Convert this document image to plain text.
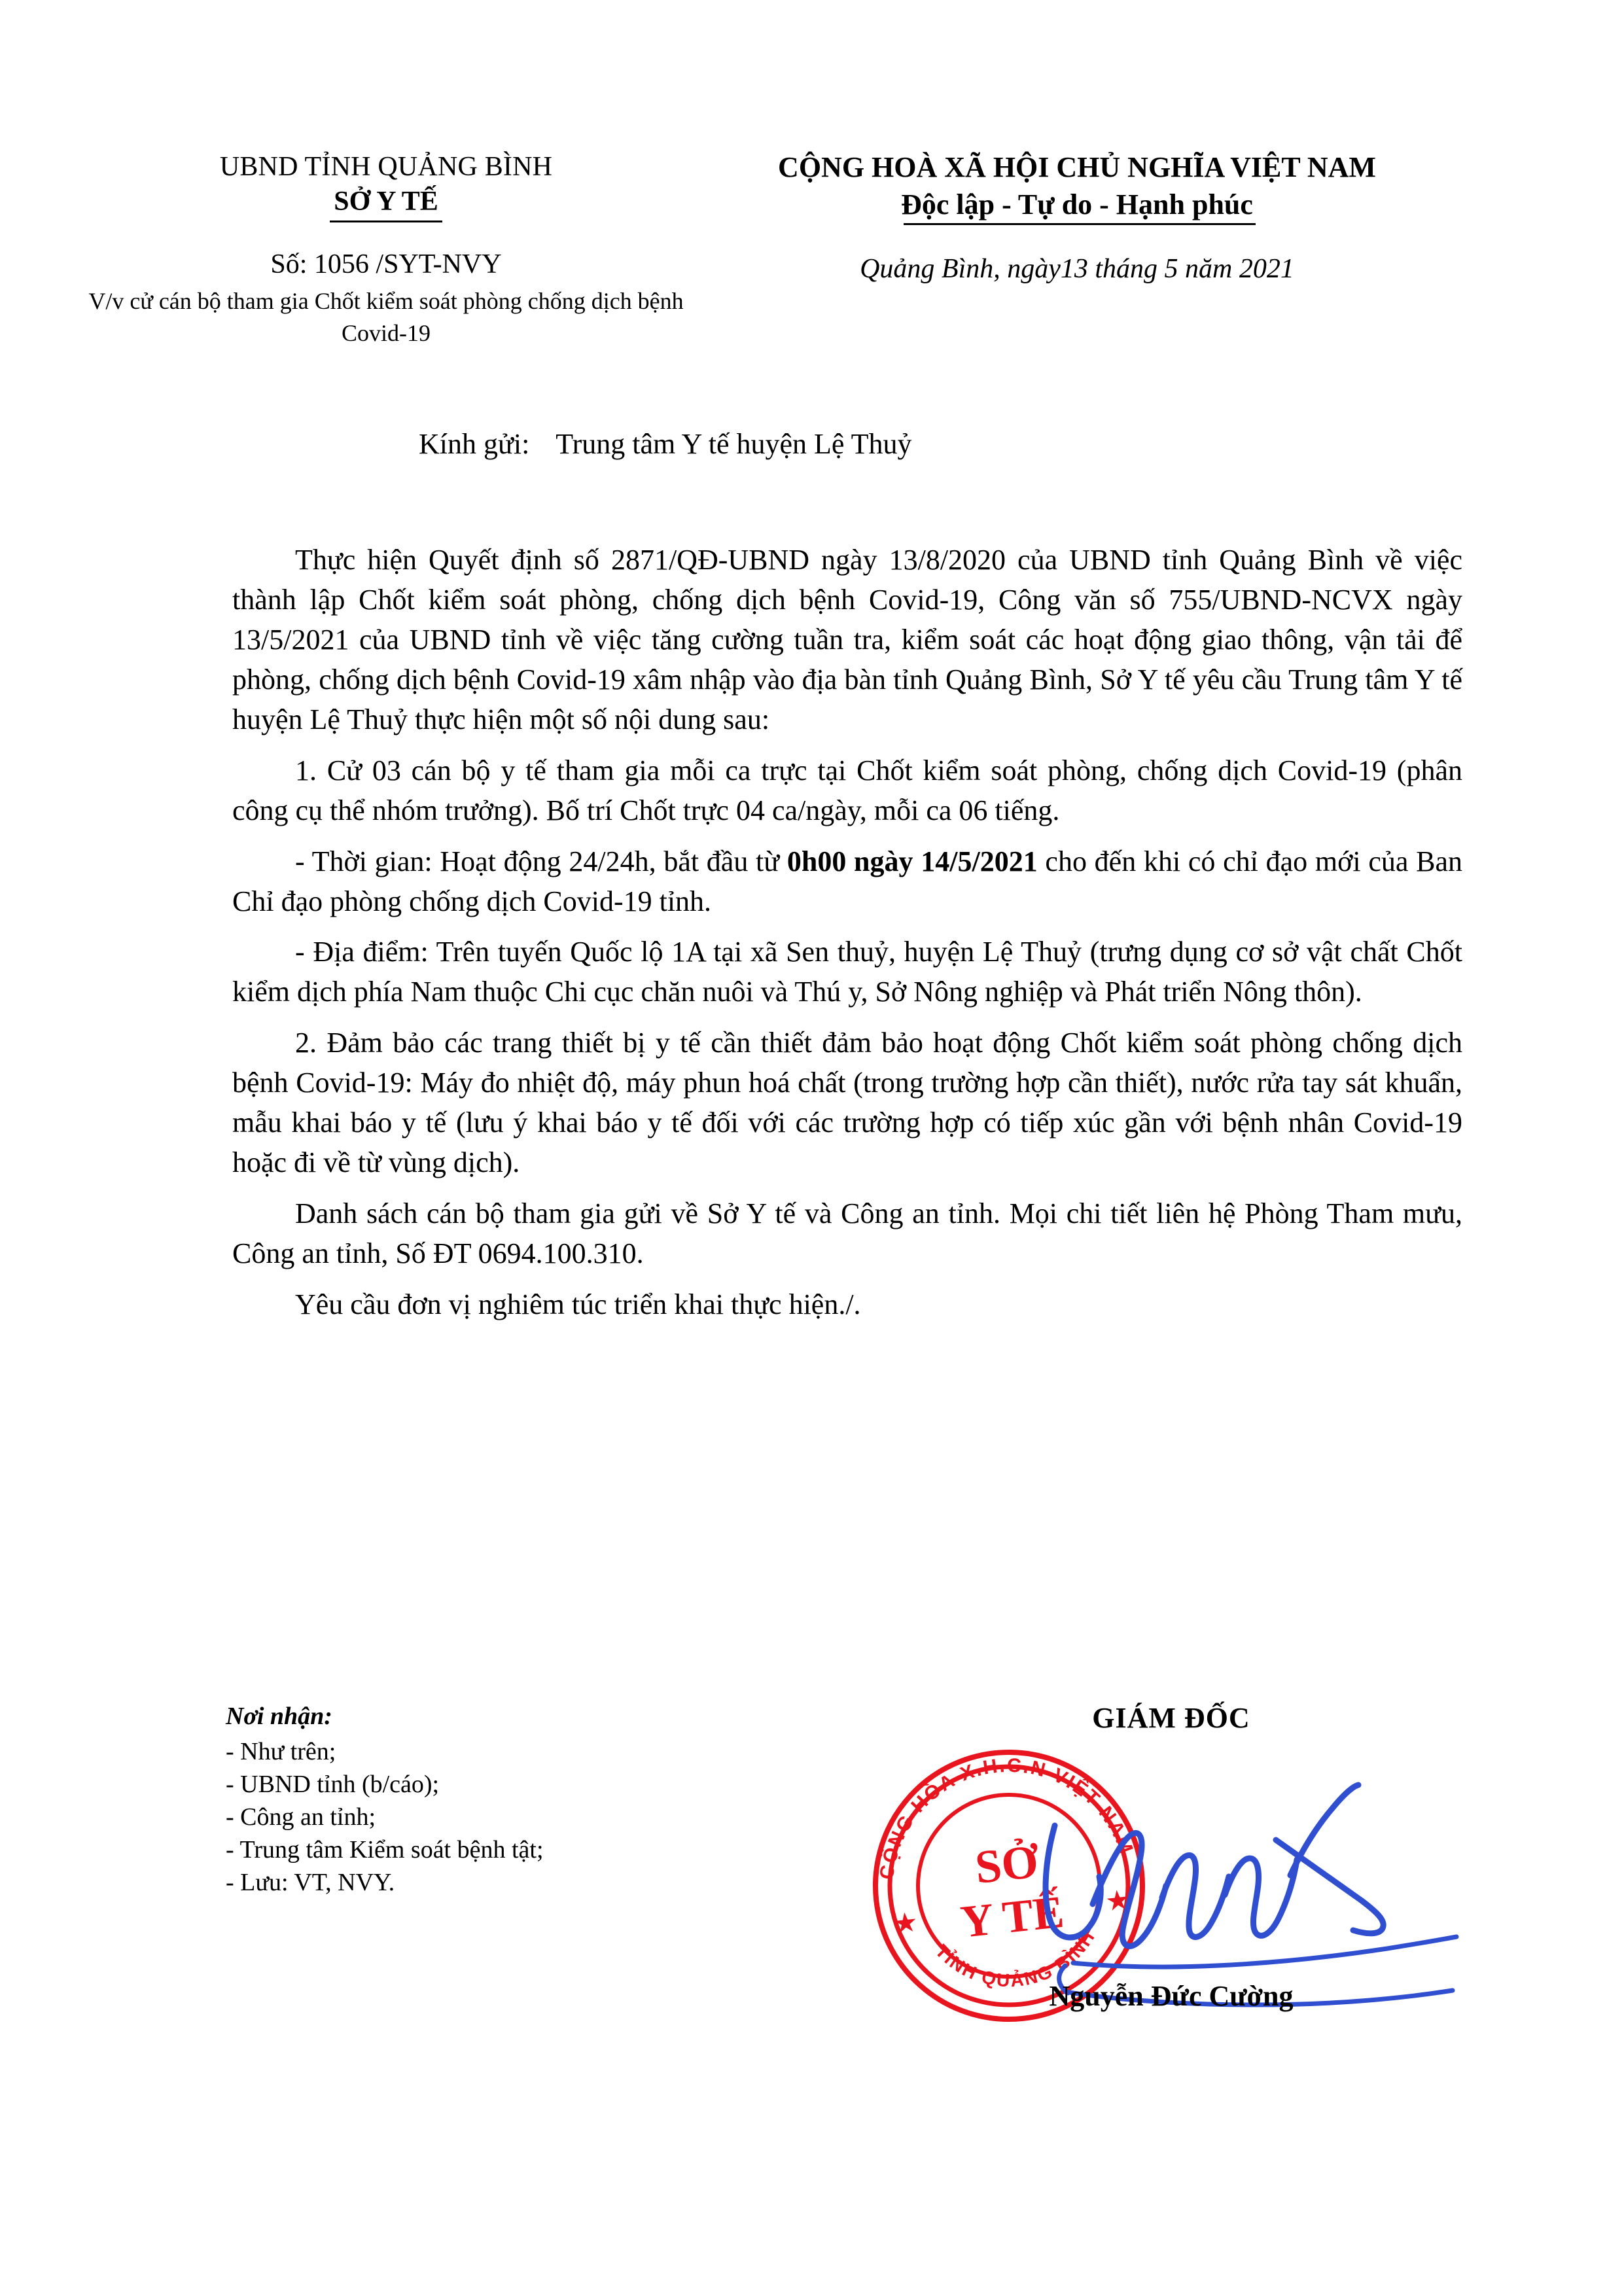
UBND TỈNH QUẢNG BÌNH
SỞ Y TẾ
Số: 1056 /SYT-NVY
V/v cử cán bộ tham gia Chốt kiểm soát phòng chống dịch bệnh Covid-19
CỘNG HOÀ XÃ HỘI CHỦ NGHĨA VIỆT NAM
Độc lập - Tự do - Hạnh phúc
Quảng Bình, ngày13 tháng 5 năm 2021
Kính gửi: Trung tâm Y tế huyện Lệ Thuỷ

Thực hiện Quyết định số 2871/QĐ-UBND ngày 13/8/2020 của UBND tỉnh Quảng Bình về việc thành lập Chốt kiểm soát phòng, chống dịch bệnh Covid-19, Công văn số 755/UBND-NCVX ngày 13/5/2021 của UBND tỉnh về việc tăng cường tuần tra, kiểm soát các hoạt động giao thông, vận tải để phòng, chống dịch bệnh Covid-19 xâm nhập vào địa bàn tỉnh Quảng Bình, Sở Y tế yêu cầu Trung tâm Y tế huyện Lệ Thuỷ thực hiện một số nội dung sau:

1. Cử 03 cán bộ y tế tham gia mỗi ca trực tại Chốt kiểm soát phòng, chống dịch Covid-19 (phân công cụ thể nhóm trưởng). Bố trí Chốt trực 04 ca/ngày, mỗi ca 06 tiếng.

- Thời gian: Hoạt động 24/24h, bắt đầu từ 0h00 ngày 14/5/2021 cho đến khi có chỉ đạo mới của Ban Chỉ đạo phòng chống dịch Covid-19 tỉnh.

- Địa điểm: Trên tuyến Quốc lộ 1A tại xã Sen thuỷ, huyện Lệ Thuỷ (trưng dụng cơ sở vật chất Chốt kiểm dịch phía Nam thuộc Chi cục chăn nuôi và Thú y, Sở Nông nghiệp và Phát triển Nông thôn).

2. Đảm bảo các trang thiết bị y tế cần thiết đảm bảo hoạt động Chốt kiểm soát phòng chống dịch bệnh Covid-19: Máy đo nhiệt độ, máy phun hoá chất (trong trường hợp cần thiết), nước rửa tay sát khuẩn, mẫu khai báo y tế (lưu ý khai báo y tế đối với các trường hợp có tiếp xúc gần với bệnh nhân Covid-19 hoặc đi về từ vùng dịch).

Danh sách cán bộ tham gia gửi về Sở Y tế và Công an tỉnh. Mọi chi tiết liên hệ Phòng Tham mưu, Công an tỉnh, Số ĐT 0694.100.310.

Yêu cầu đơn vị nghiêm túc triển khai thực hiện./.

Nơi nhận:
- Như trên;
- UBND tỉnh (b/cáo);
- Công an tỉnh;
- Trung tâm Kiểm soát bệnh tật;
- Lưu: VT, NVY.
GIÁM ĐỐC
Nguyễn Đức Cường
CỘNG HÒA X.H.C.N VIỆT NAM
TỈNH QUẢNG BÌNH
★
★
SỞ
Y TẾ
